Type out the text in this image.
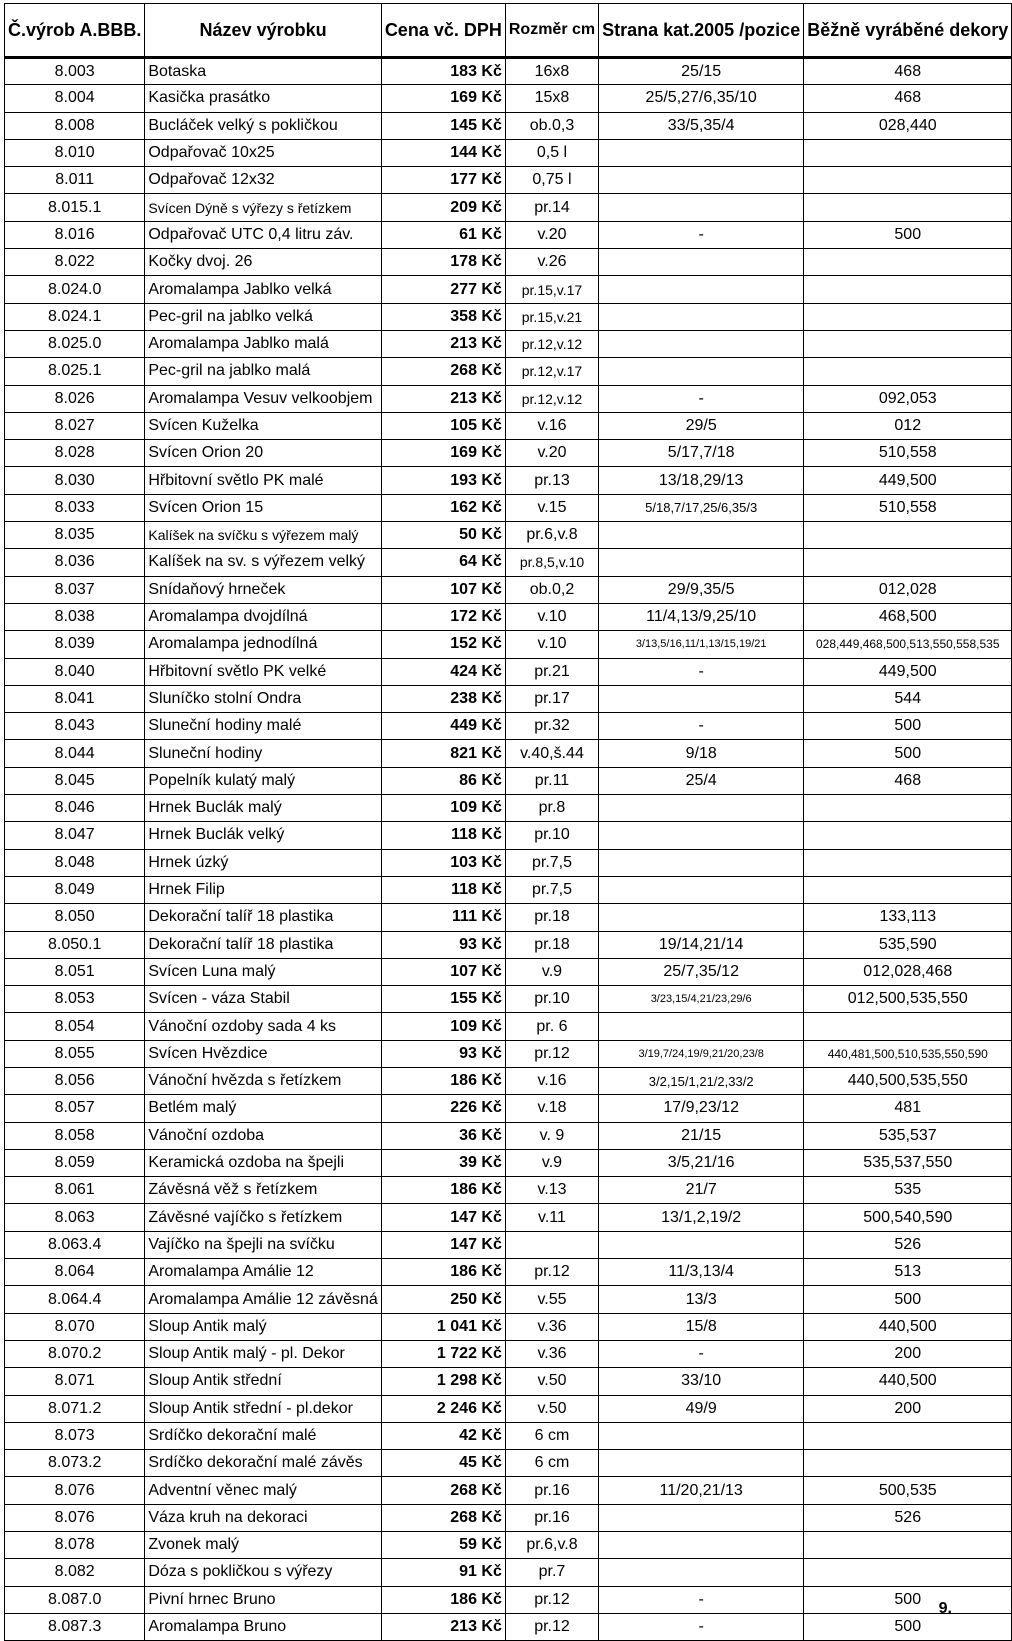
Č.výrob A.BBB.	Název výrobku	Cena vč. DPH	Rozměr cm	Strana kat.2005 /pozice	Běžně vyráběné dekory
8.003	Botaska	183 Kč	16x8	25/15	468
8.004	Kasička prasátko	169 Kč	15x8	25/5,27/6,35/10	468
8.008	Bucláček velký s pokličkou	145 Kč	ob.0,3	33/5,35/4	028,440
8.010	Odpařovač 10x25	144 Kč	0,5 l		
8.011	Odpařovač 12x32	177 Kč	0,75 l		
8.015.1	Svícen Dýně s výřezy s řetízkem	209 Kč	pr.14		
8.016	Odpařovač UTC 0,4 litru záv.	61 Kč	v.20	-	500
8.022	Kočky dvoj. 26	178 Kč	v.26		
8.024.0	Aromalampa Jablko velká	277 Kč	pr.15,v.17		
8.024.1	Pec-gril na jablko velká	358 Kč	pr.15,v.21		
8.025.0	Aromalampa Jablko malá	213 Kč	pr.12,v.12		
8.025.1	Pec-gril na jablko malá	268 Kč	pr.12,v.17		
8.026	Aromalampa Vesuv velkoobjem	213 Kč	pr.12,v.12	-	092,053
8.027	Svícen Kuželka	105 Kč	v.16	29/5	012
8.028	Svícen Orion 20	169 Kč	v.20	5/17,7/18	510,558
8.030	Hřbitovní světlo PK malé	193 Kč	pr.13	13/18,29/13	449,500
8.033	Svícen Orion 15	162 Kč	v.15	5/18,7/17,25/6,35/3	510,558
8.035	Kalíšek na svíčku s výřezem malý	50 Kč	pr.6,v.8		
8.036	Kalíšek na sv. s výřezem velký	64 Kč	pr.8,5,v.10		
8.037	Snídaňový hrneček	107 Kč	ob.0,2	29/9,35/5	012,028
8.038	Aromalampa dvojdílná	172 Kč	v.10	11/4,13/9,25/10	468,500
8.039	Aromalampa jednodílná	152 Kč	v.10	3/13,5/16,11/1,13/15,19/21	028,449,468,500,513,550,558,535
8.040	Hřbitovní světlo PK velké	424 Kč	pr.21	-	449,500
8.041	Sluníčko stolní Ondra	238 Kč	pr.17		544
8.043	Sluneční hodiny malé	449 Kč	pr.32	-	500
8.044	Sluneční hodiny	821 Kč	v.40,š.44	9/18	500
8.045	Popelník kulatý malý	86 Kč	pr.11	25/4	468
8.046	Hrnek Buclák malý	109 Kč	pr.8		
8.047	Hrnek Buclák velký	118 Kč	pr.10		
8.048	Hrnek úzký	103 Kč	pr.7,5		
8.049	Hrnek Filip	118 Kč	pr.7,5		
8.050	Dekorační talíř 18 plastika	111 Kč	pr.18		133,113
8.050.1	Dekorační talíř 18 plastika	93 Kč	pr.18	19/14,21/14	535,590
8.051	Svícen Luna malý	107 Kč	v.9	25/7,35/12	012,028,468
8.053	Svícen - váza Stabil	155 Kč	pr.10	3/23,15/4,21/23,29/6	012,500,535,550
8.054	Vánoční ozdoby sada 4 ks	109 Kč	pr. 6		
8.055	Svícen Hvězdice	93 Kč	pr.12	3/19,7/24,19/9,21/20,23/8	440,481,500,510,535,550,590
8.056	Vánoční hvězda s řetízkem	186 Kč	v.16	3/2,15/1,21/2,33/2	440,500,535,550
8.057	Betlém malý	226 Kč	v.18	17/9,23/12	481
8.058	Vánoční ozdoba	36 Kč	v. 9	21/15	535,537
8.059	Keramická ozdoba na špejli	39 Kč	v.9	3/5,21/16	535,537,550
8.061	Závěsná věž s řetízkem	186 Kč	v.13	21/7	535
8.063	Závěsné vajíčko s řetízkem	147 Kč	v.11	13/1,2,19/2	500,540,590
8.063.4	Vajíčko na špejli na svíčku	147 Kč			526
8.064	Aromalampa Amálie 12	186 Kč	pr.12	11/3,13/4	513
8.064.4	Aromalampa Amálie 12 závěsná	250 Kč	v.55	13/3	500
8.070	Sloup Antik malý	1 041 Kč	v.36	15/8	440,500
8.070.2	Sloup Antik malý - pl. Dekor	1 722 Kč	v.36	-	200
8.071	Sloup Antik střední	1 298 Kč	v.50	33/10	440,500
8.071.2	Sloup Antik střední - pl.dekor	2 246 Kč	v.50	49/9	200
8.073	Srdíčko dekorační malé	42 Kč	6 cm		
8.073.2	Srdíčko dekorační malé závěs	45 Kč	6 cm		
8.076	Adventní věnec malý	268 Kč	pr.16	11/20,21/13	500,535
8.076	Váza kruh na dekoraci	268 Kč	pr.16		526
8.078	Zvonek malý	59 Kč	pr.6,v.8		
8.082	Dóza s pokličkou s výřezy	91 Kč	pr.7		
8.087.0	Pivní hrnec Bruno	186 Kč	pr.12	-	500
8.087.3	Aromalampa Bruno	213 Kč	pr.12	-	500
9.
